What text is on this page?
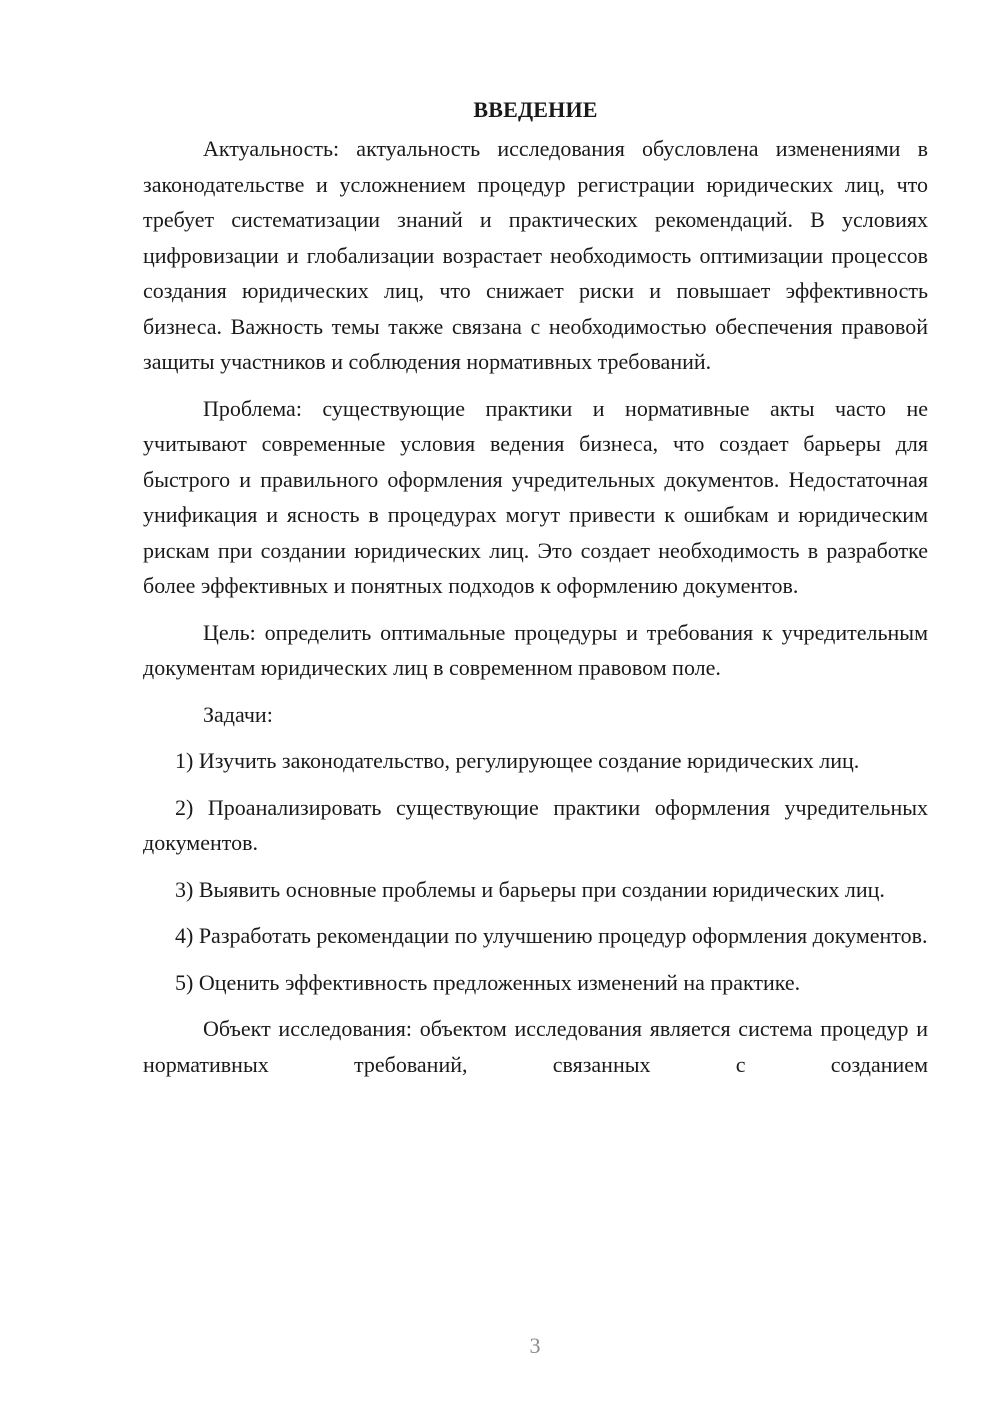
ВВЕДЕНИЕ

Актуальность: актуальность исследования обусловлена изменениями в законодательстве и усложнением процедур регистрации юридических лиц, что требует систематизации знаний и практических рекомендаций. В условиях цифровизации и глобализации возрастает необходимость оптимизации процессов создания юридических лиц, что снижает риски и повышает эффективность бизнеса. Важность темы также связана с необходимостью обеспечения правовой защиты участников и соблюдения нормативных требований.

Проблема: существующие практики и нормативные акты часто не учитывают современные условия ведения бизнеса, что создает барьеры для быстрого и правильного оформления учредительных документов. Недостаточная унификация и ясность в процедурах могут привести к ошибкам и юридическим рискам при создании юридических лиц. Это создает необходимость в разработке более эффективных и понятных подходов к оформлению документов.

Цель: определить оптимальные процедуры и требования к учредительным документам юридических лиц в современном правовом поле.

Задачи:

1) Изучить законодательство, регулирующее создание юридических лиц.

2) Проанализировать существующие практики оформления учредительных документов.

3) Выявить основные проблемы и барьеры при создании юридических лиц.

4) Разработать рекомендации по улучшению процедур оформления документов.

5) Оценить эффективность предложенных изменений на практике.

Объект исследования: объектом исследования является система процедур и нормативных требований, связанных с созданием

3
